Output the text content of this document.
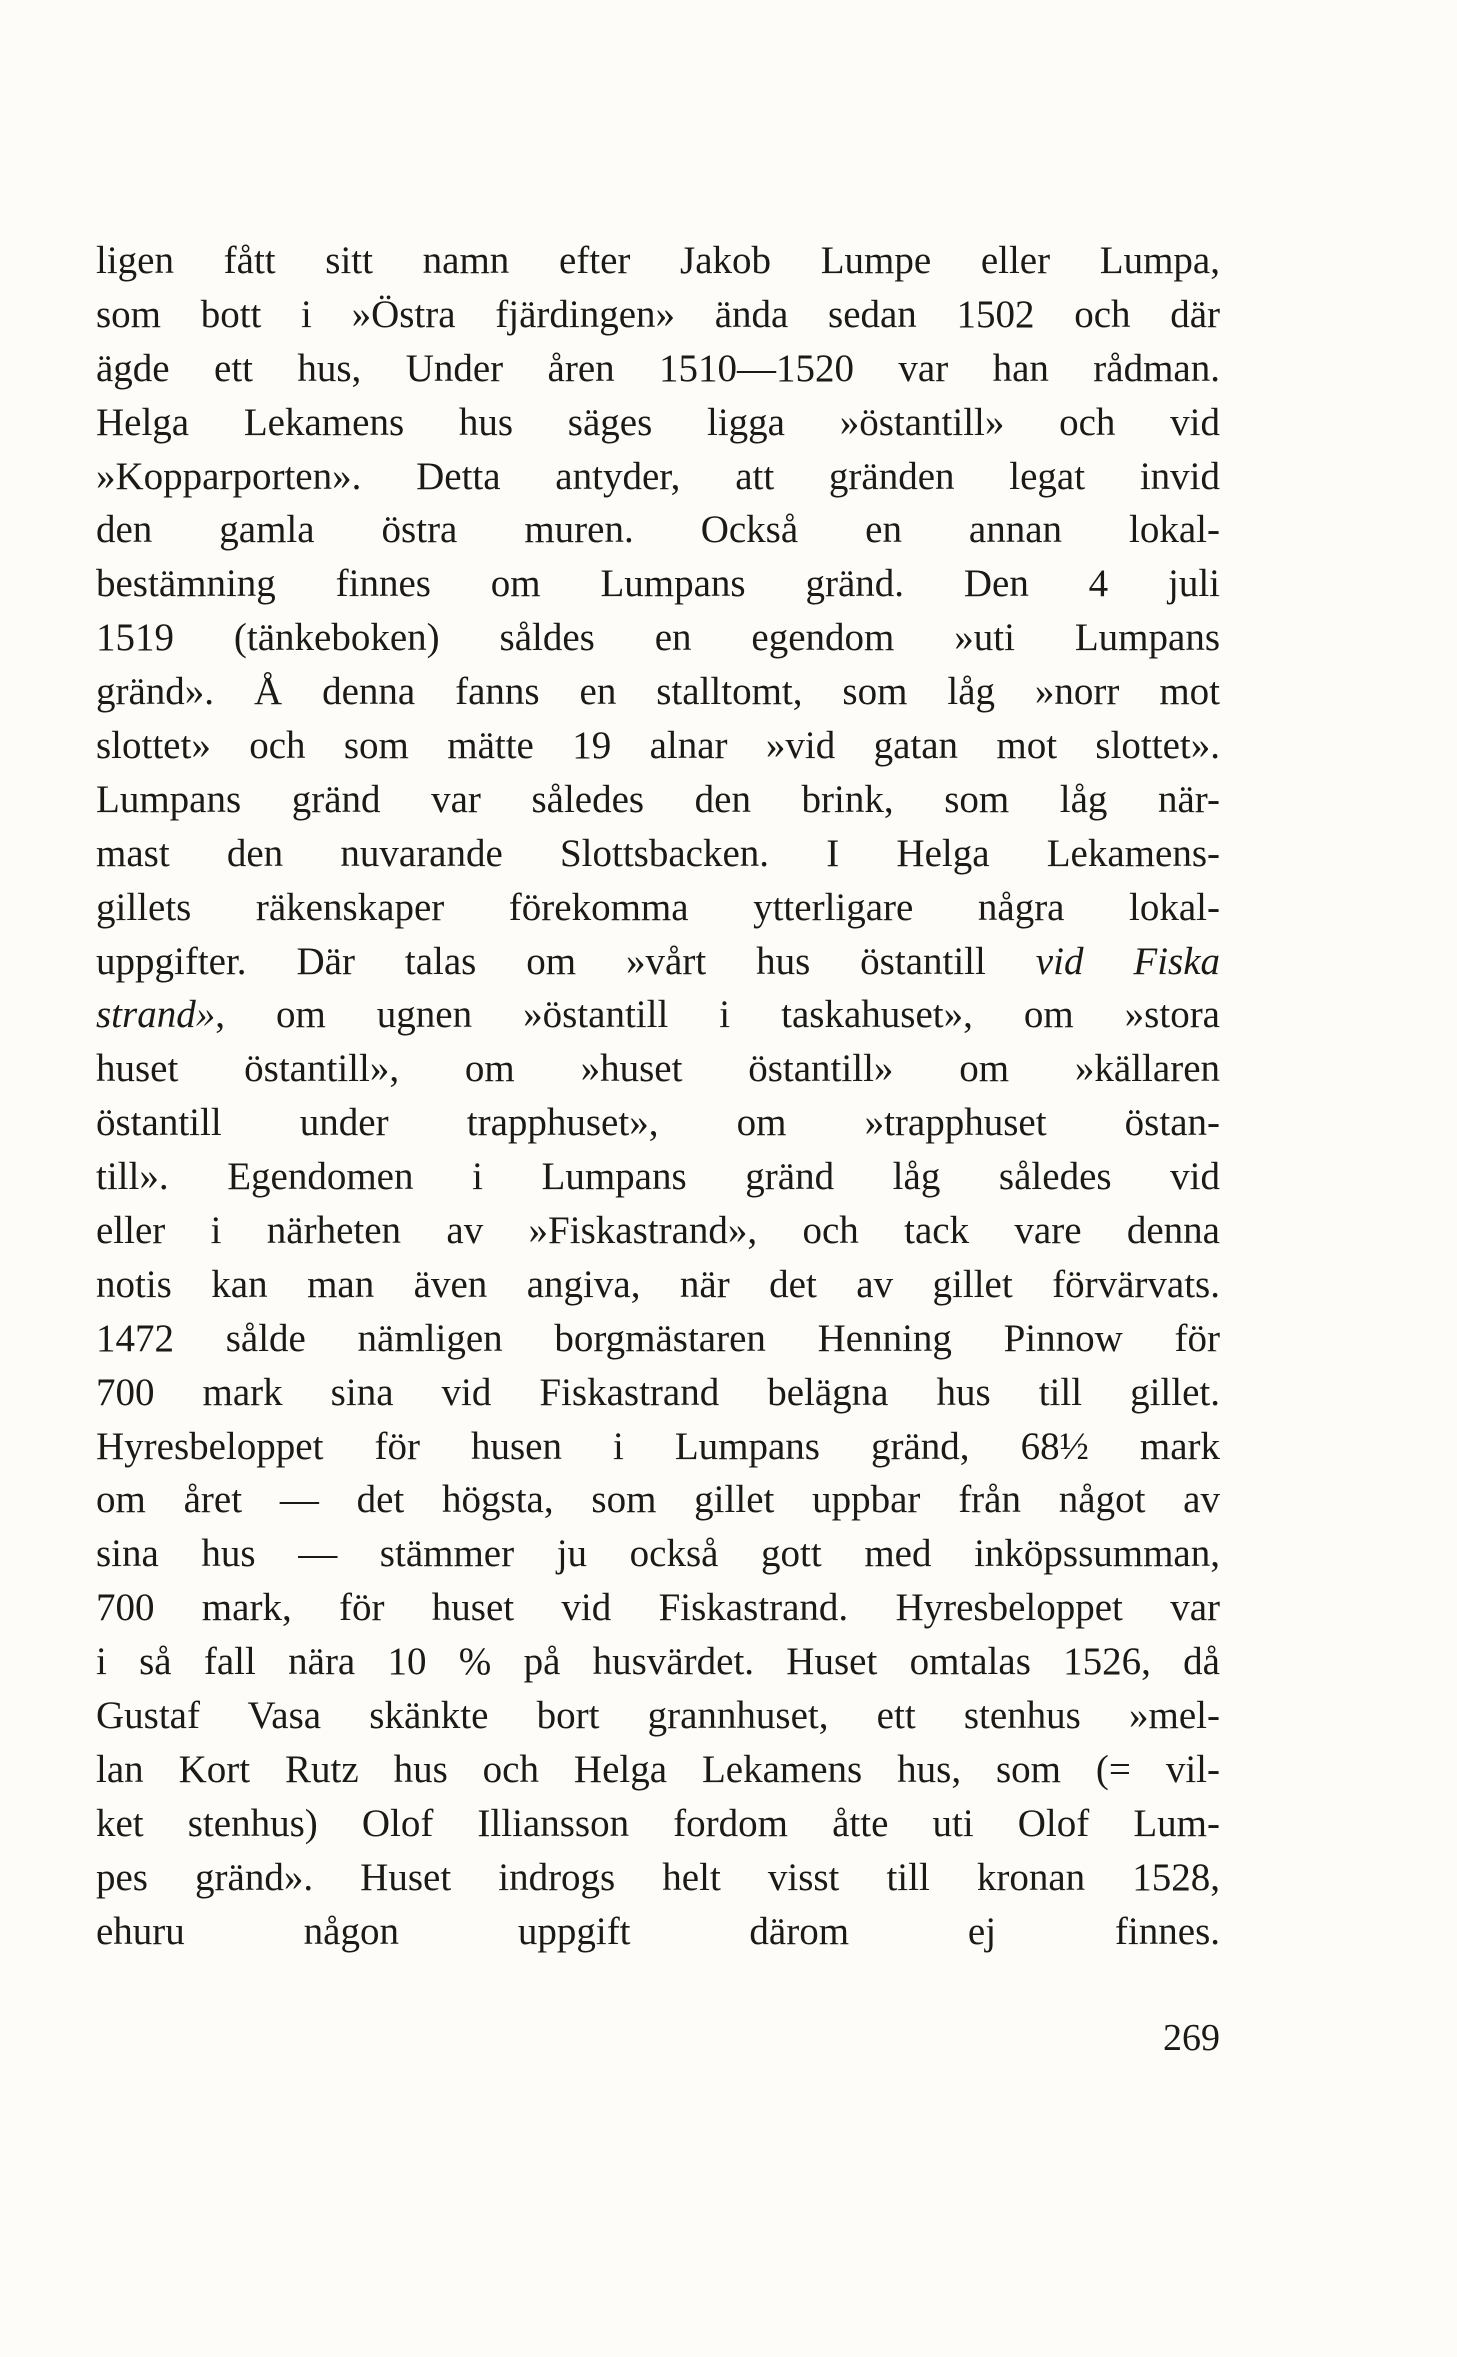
ligen fått sitt namn efter Jakob Lumpe eller Lumpa,
som bott i »Östra fjärdingen» ända sedan 1502 och där
ägde ett hus, Under åren 1510—1520 var han rådman.
Helga Lekamens hus säges ligga »östantill» och vid
»Kopparporten». Detta antyder, att gränden legat invid
den gamla östra muren. Också en annan lokal-
bestämning finnes om Lumpans gränd. Den 4 juli
1519 (tänkeboken) såldes en egendom »uti Lumpans
gränd». Å denna fanns en stalltomt, som låg »norr mot
slottet» och som mätte 19 alnar »vid gatan mot slottet».
Lumpans gränd var således den brink, som låg när-
mast den nuvarande Slottsbacken. I Helga Lekamens-
gillets räkenskaper förekomma ytterligare några lokal-
uppgifter. Där talas om »vårt hus östantill vid Fiska
strand», om ugnen »östantill i taskahuset», om »stora
huset östantill», om »huset östantill» om »källaren
östantill under trapphuset», om »trapphuset östan-
till». Egendomen i Lumpans gränd låg således vid
eller i närheten av »Fiskastrand», och tack vare denna
notis kan man även angiva, när det av gillet förvärvats.
1472 sålde nämligen borgmästaren Henning Pinnow för
700 mark sina vid Fiskastrand belägna hus till gillet.
Hyresbeloppet för husen i Lumpans gränd, 68½ mark
om året — det högsta, som gillet uppbar från något av
sina hus — stämmer ju också gott med inköpssumman,
700 mark, för huset vid Fiskastrand. Hyresbeloppet var
i så fall nära 10 % på husvärdet. Huset omtalas 1526, då
Gustaf Vasa skänkte bort grannhuset, ett stenhus »mel-
lan Kort Rutz hus och Helga Lekamens hus, som (= vil-
ket stenhus) Olof Illiansson fordom åtte uti Olof Lum-
pes gränd». Huset indrogs helt visst till kronan 1528,
ehuru någon uppgift därom ej finnes.
269
